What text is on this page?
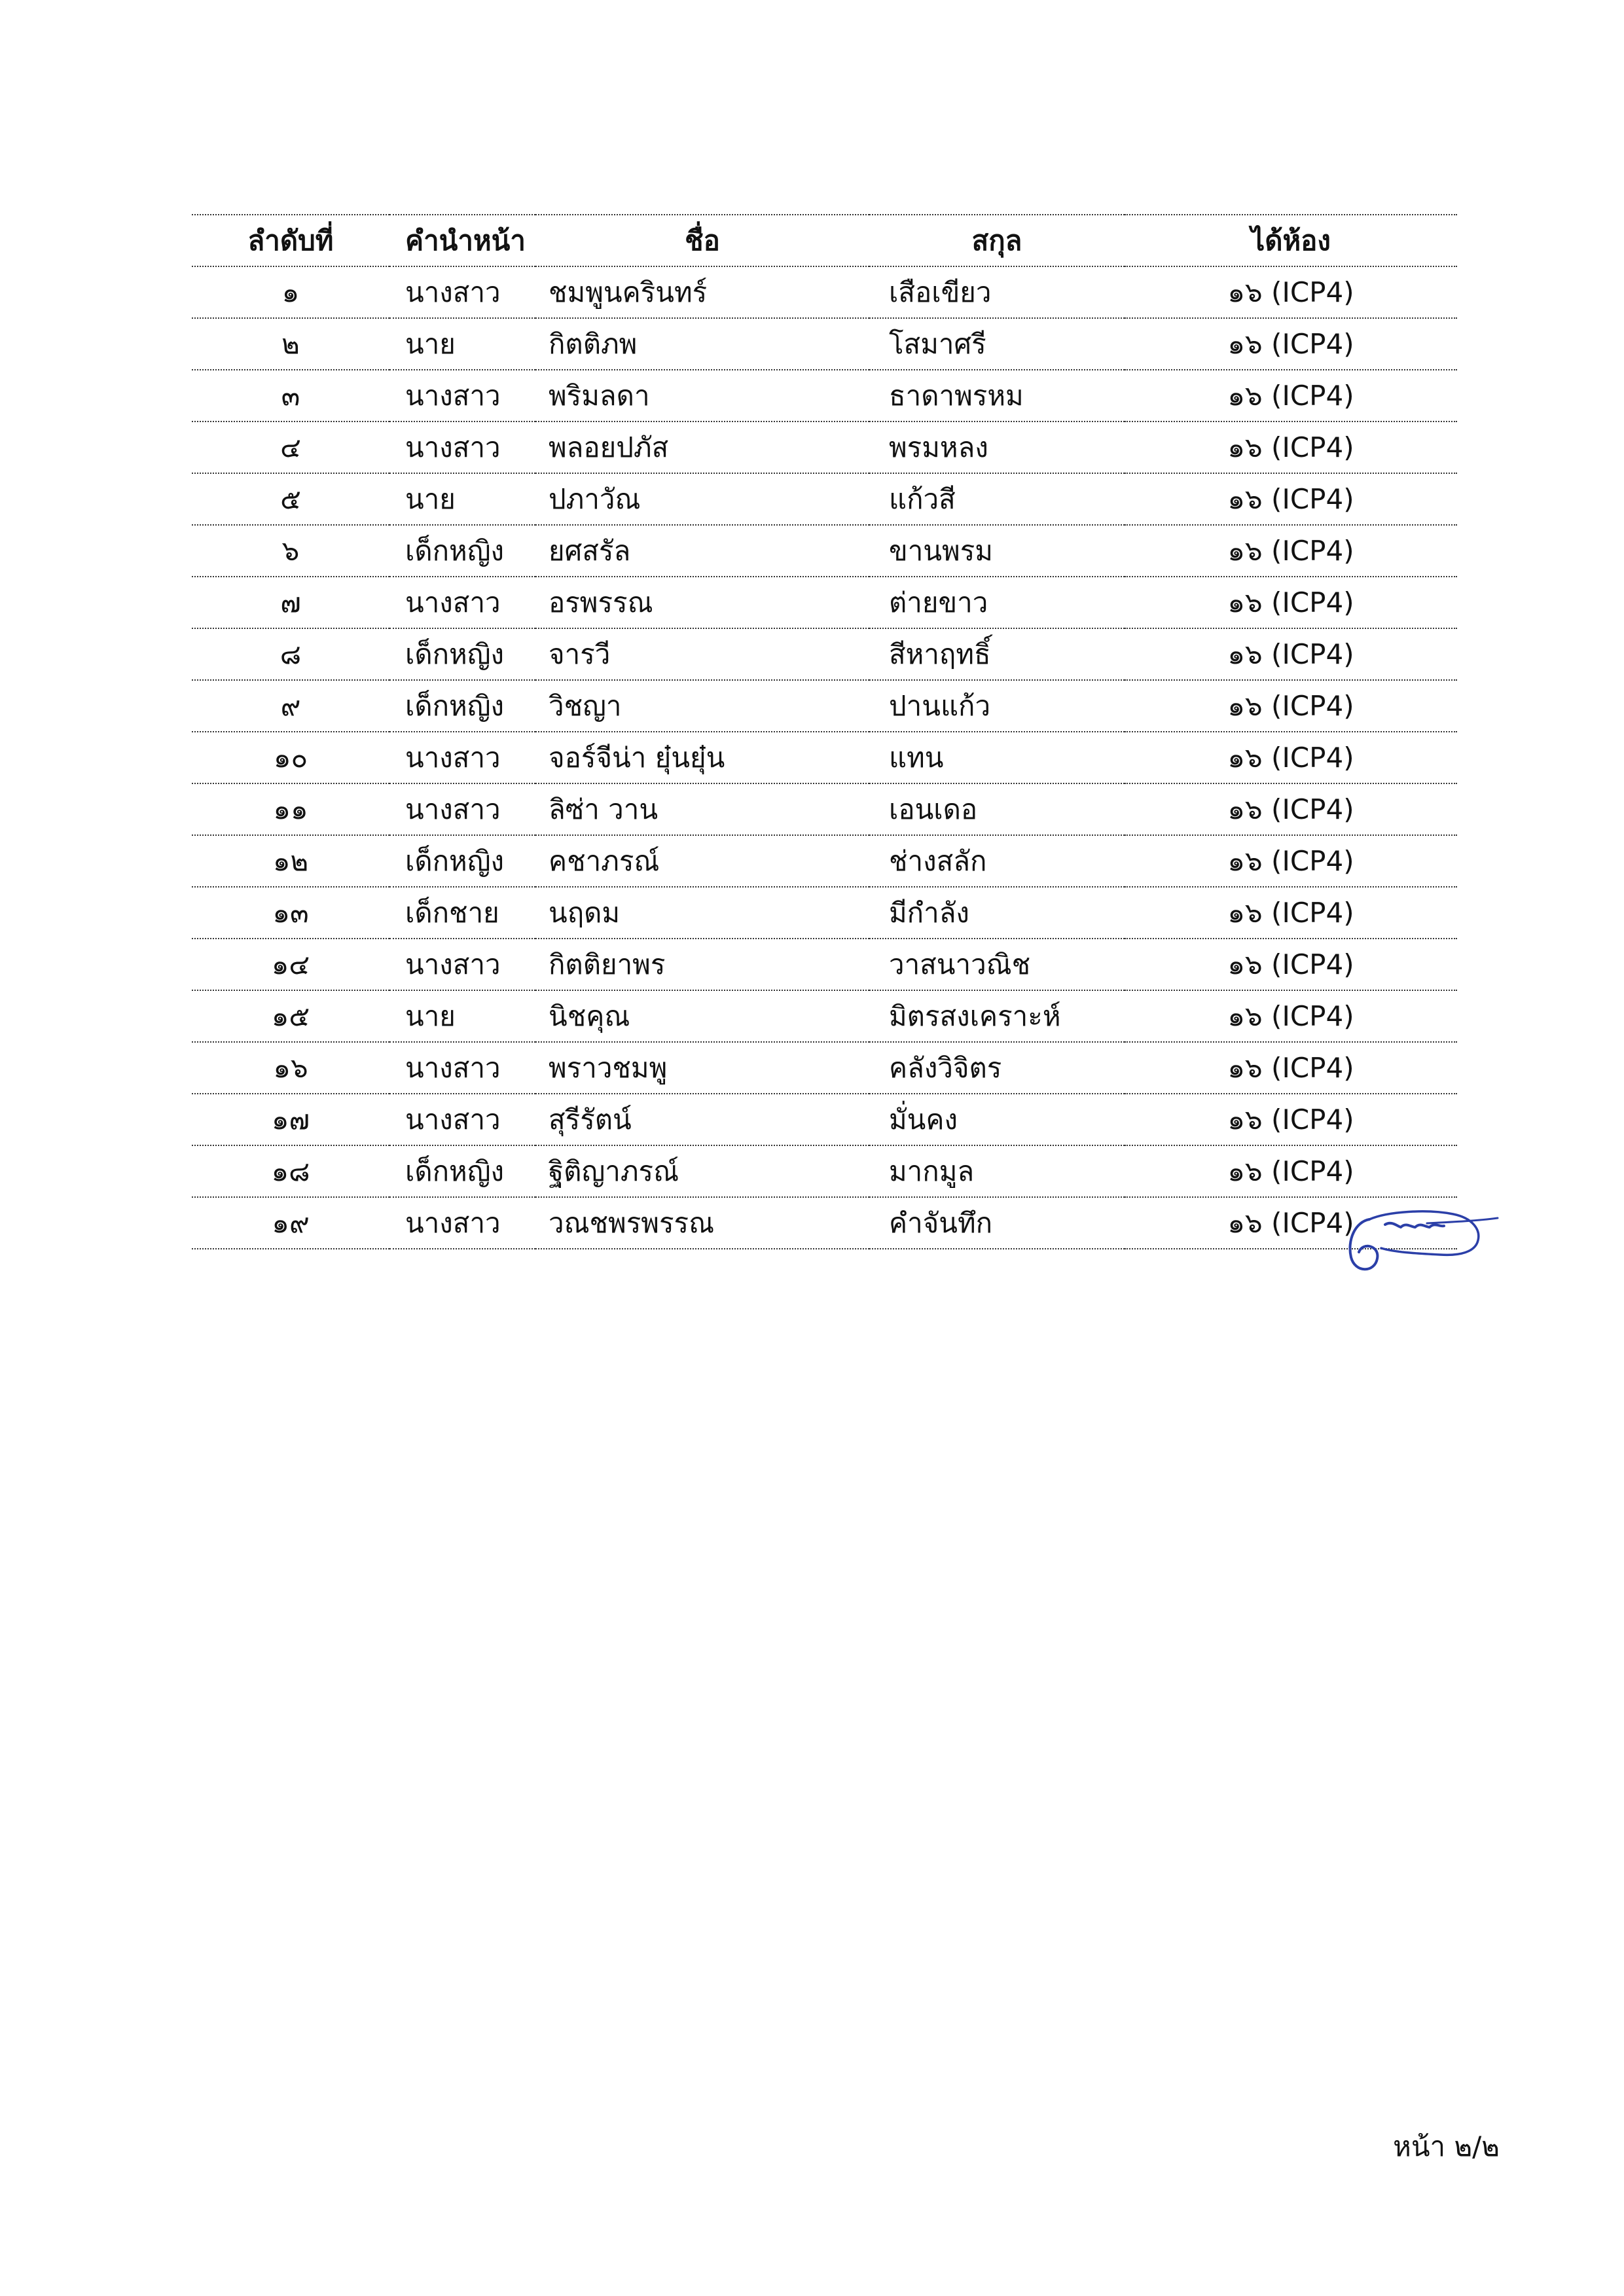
ลำดับที่	คำนำหน้า	ชื่อ	สกุล	ได้ห้อง
๑	นางสาว	ชมพูนครินทร์	เสือเขียว	๑๖ (ICP4)
๒	นาย	กิตติภพ	โสมาศรี	๑๖ (ICP4)
๓	นางสาว	พริมลดา	ธาดาพรหม	๑๖ (ICP4)
๔	นางสาว	พลอยปภัส	พรมหลง	๑๖ (ICP4)
๕	นาย	ปภาวัณ	แก้วสี	๑๖ (ICP4)
๖	เด็กหญิง	ยศสรัล	ขานพรม	๑๖ (ICP4)
๗	นางสาว	อรพรรณ	ต่ายขาว	๑๖ (ICP4)
๘	เด็กหญิง	จารวี	สีหาฤทธิ์	๑๖ (ICP4)
๙	เด็กหญิง	วิชญา	ปานแก้ว	๑๖ (ICP4)
๑๐	นางสาว	จอร์จีน่า ยุ๋นยุ๋น	แทน	๑๖ (ICP4)
๑๑	นางสาว	ลิซ่า วาน	เอนเดอ	๑๖ (ICP4)
๑๒	เด็กหญิง	คชาภรณ์	ช่างสลัก	๑๖ (ICP4)
๑๓	เด็กชาย	นฤดม	มีกำลัง	๑๖ (ICP4)
๑๔	นางสาว	กิตติยาพร	วาสนาวณิช	๑๖ (ICP4)
๑๕	นาย	นิชคุณ	มิตรสงเคราะห์	๑๖ (ICP4)
๑๖	นางสาว	พราวชมพู	คลังวิจิตร	๑๖ (ICP4)
๑๗	นางสาว	สุรีรัตน์	มั่นคง	๑๖ (ICP4)
๑๘	เด็กหญิง	ฐิติญาภรณ์	มากมูล	๑๖ (ICP4)
๑๙	นางสาว	วณชพรพรรณ	คำจันทึก	๑๖ (ICP4)
หน้า ๒/๒
